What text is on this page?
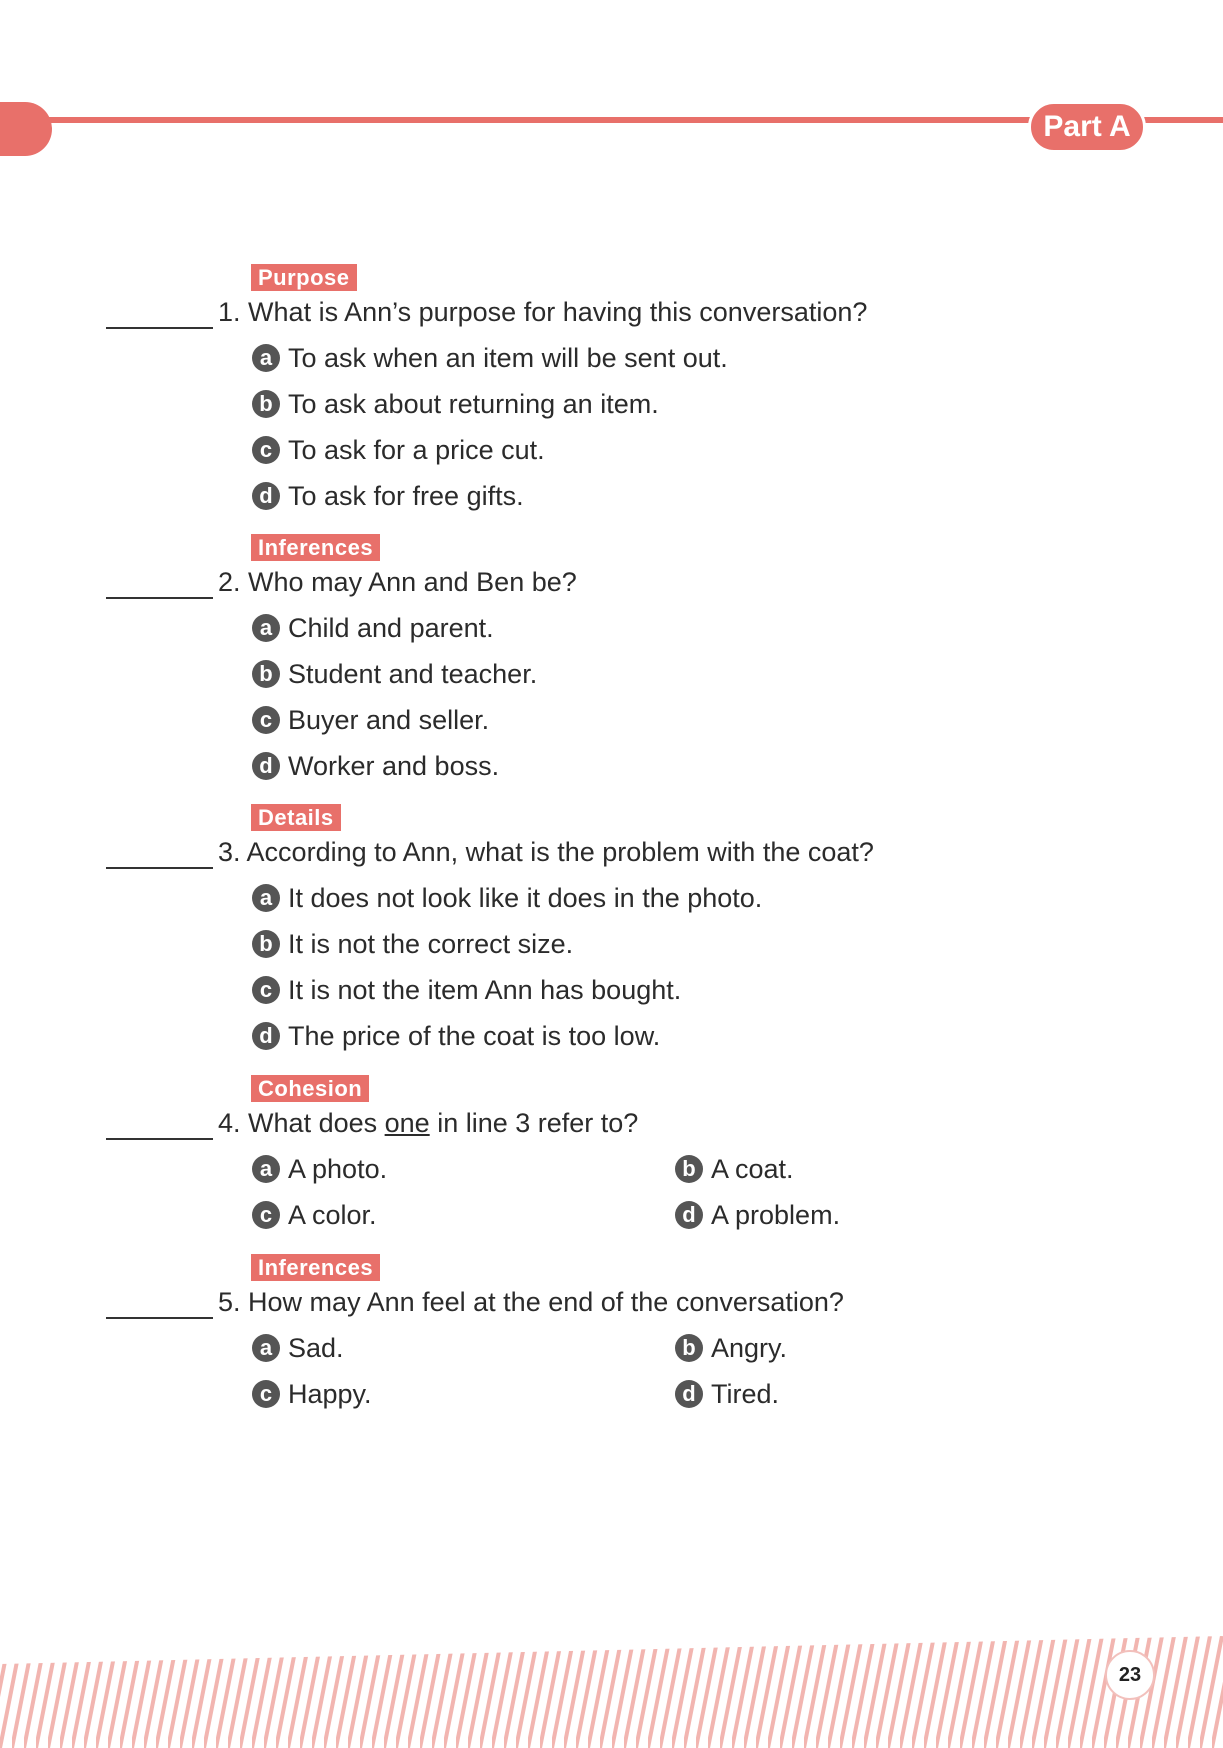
Part A
Purpose
1. What is Ann’s purpose for having this conversation?
a To ask when an item will be sent out.
b To ask about returning an item.
c To ask for a price cut.
d To ask for free gifts.
Inferences
2. Who may Ann and Ben be?
a Child and parent.
b Student and teacher.
c Buyer and seller.
d Worker and boss.
Details
3. According to Ann, what is the problem with the coat?
a It does not look like it does in the photo.
b It is not the correct size.
c It is not the item Ann has bought.
d The price of the coat is too low.
Cohesion
4. What does one in line 3 refer to?
a A photo.	b A coat.
c A color.	d A problem.
Inferences
5. How may Ann feel at the end of the conversation?
a Sad.	b Angry.
c Happy.	d Tired.
23
